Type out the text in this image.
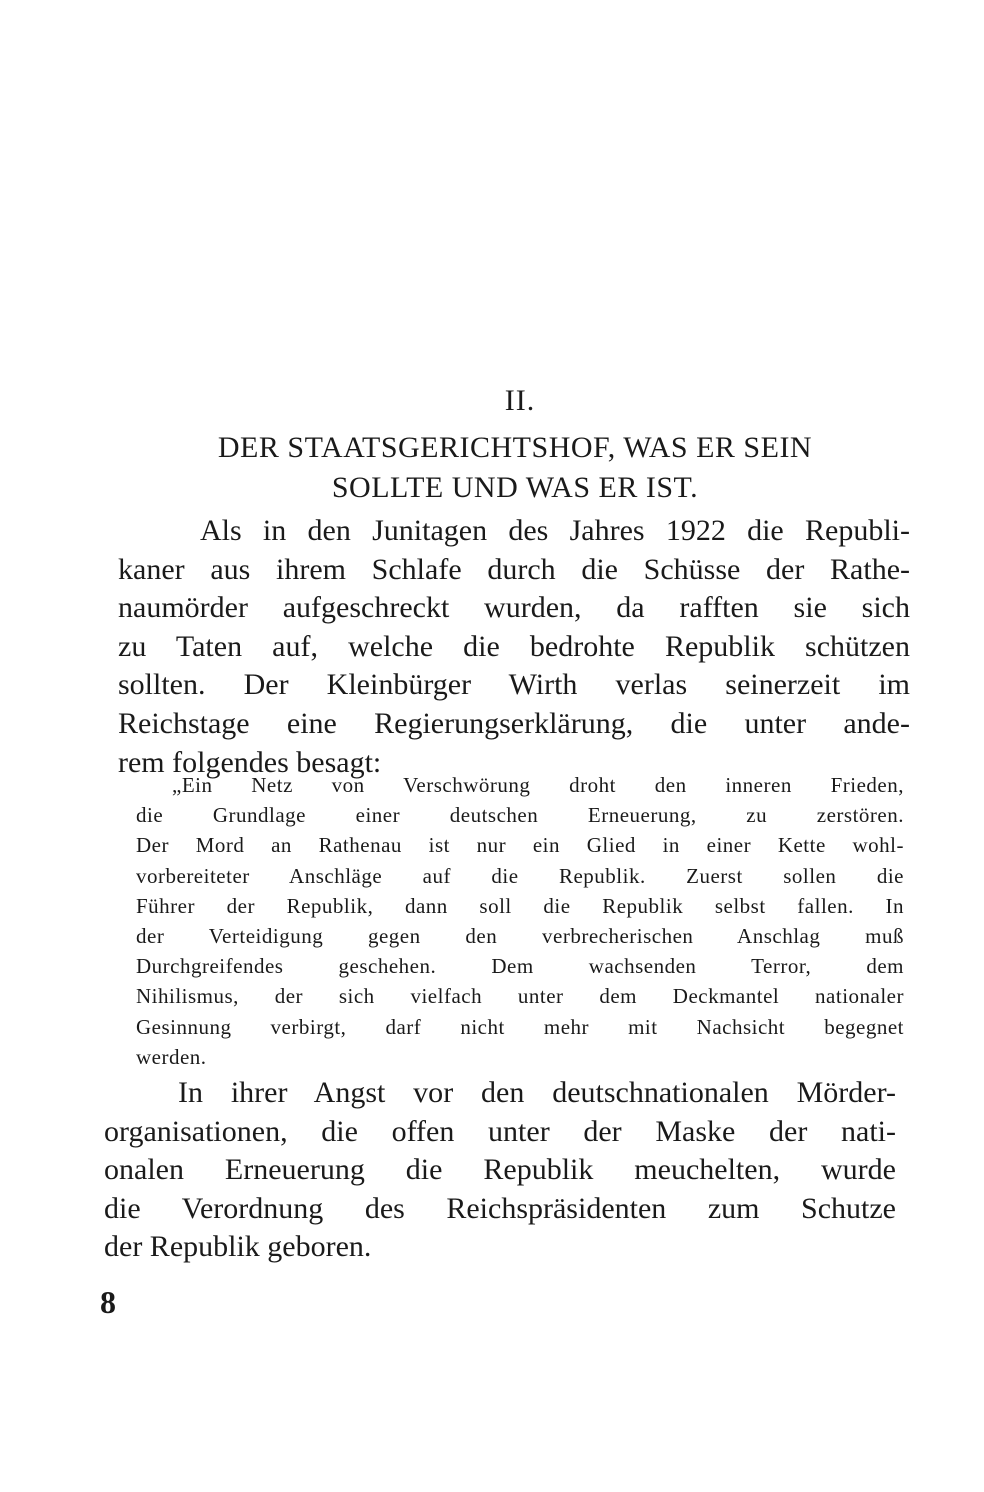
II.
DER STAATSGERICHTSHOF, WAS ER SEIN
SOLLTE UND WAS ER IST.
Als in den Junitagen des Jahres 1922 die Republi-
kaner aus ihrem Schlafe durch die Schüsse der Rathe-
naumörder aufgeschreckt wurden, da rafften sie sich
zu Taten auf, welche die bedrohte Republik schützen
sollten. Der Kleinbürger Wirth verlas seinerzeit im
Reichstage eine Regierungserklärung, die unter ande-
rem folgendes besagt:
„Ein Netz von Verschwörung droht den inneren Frieden,
die Grundlage einer deutschen Erneuerung, zu zerstören.
Der Mord an Rathenau ist nur ein Glied in einer Kette wohl-
vorbereiteter Anschläge auf die Republik. Zuerst sollen die
Führer der Republik, dann soll die Republik selbst fallen. In
der Verteidigung gegen den verbrecherischen Anschlag muß
Durchgreifendes geschehen. Dem wachsenden Terror, dem
Nihilismus, der sich vielfach unter dem Deckmantel nationaler
Gesinnung verbirgt, darf nicht mehr mit Nachsicht begegnet
werden.
In ihrer Angst vor den deutschnationalen Mörder-
organisationen, die offen unter der Maske der nati-
onalen Erneuerung die Republik meuchelten, wurde
die Verordnung des Reichspräsidenten zum Schutze
der Republik geboren.
8
